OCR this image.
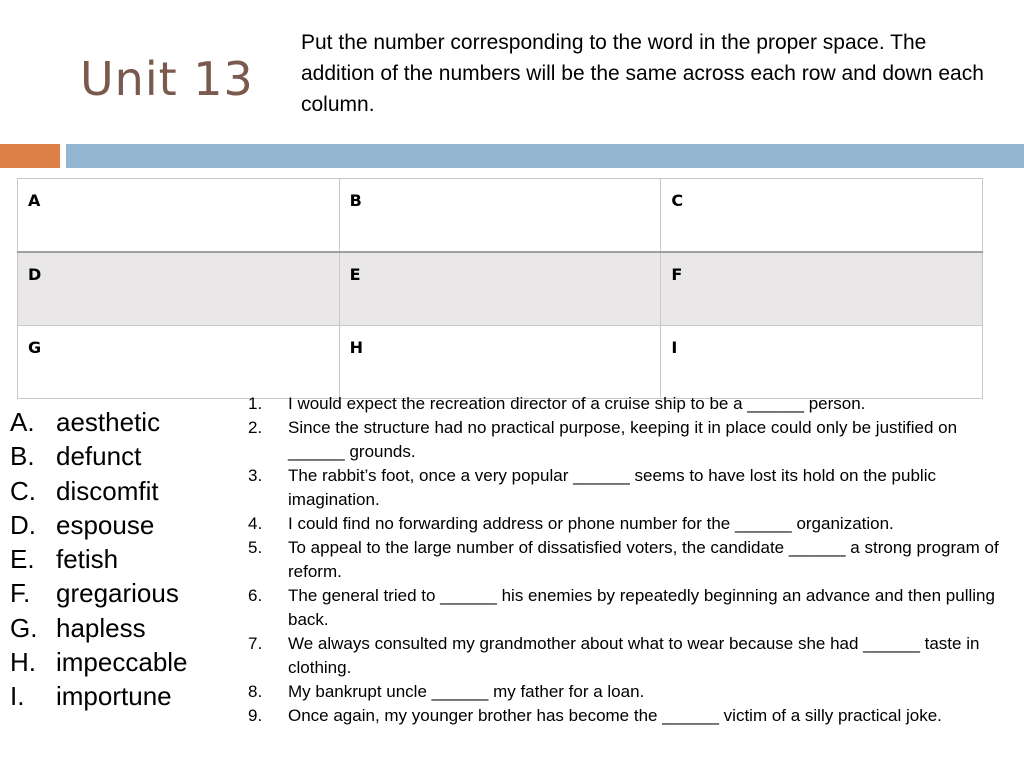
Unit 13

Put the number corresponding to the word in the proper space. The addition of the numbers will be the same across each row and down each column.

A	B	C
D	E	F
G	H	I
A. aesthetic
B. defunct
C. discomfit
D. espouse
E. fetish
F. gregarious
G. hapless
H. impeccable
I.	importune
1.	I would expect the recreation director of a cruise ship to be a ______ person.
2.	Since the structure had no practical purpose, keeping it in place could only be justified on ______ grounds.
3.	The rabbit’s foot, once a very popular ______ seems to have lost its hold on the public imagination.
4.	I could find no forwarding address or phone number for the ______ organization.
5.	To appeal to the large number of dissatisfied voters, the candidate ______ a strong program of reform.
6.	The general tried to ______ his enemies by repeatedly beginning an advance and then pulling back.
7.	We always consulted my grandmother about what to wear because she had ______ taste in clothing.
8.	My bankrupt uncle ______ my father for a loan.
9.	Once again, my younger brother has become the ______ victim of a silly practical joke.
